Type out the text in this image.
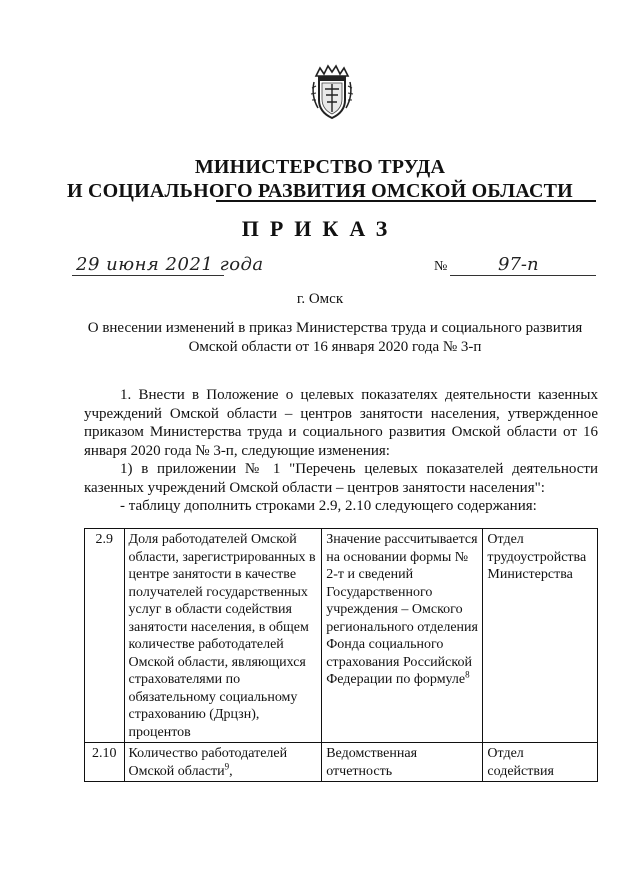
МИНИСТЕРСТВО ТРУДА
И СОЦИАЛЬНОГО РАЗВИТИЯ ОМСКОЙ ОБЛАСТИ
ПРИКАЗ
29 июня 2021 года	№	97-п
г. Омск
О внесении изменений в приказ Министерства труда и социального развития Омской области от 16 января 2020 года № 3-п

1. Внести в Положение о целевых показателях деятельности казенных учреждений Омской области – центров занятости населения, утвержденное приказом Министерства труда и социального развития Омской области от 16 января 2020 года № 3-п, следующие изменения:

1) в приложении № 1 "Перечень целевых показателей деятельности казенных учреждений Омской области – центров занятости населения":

- таблицу дополнить строками 2.9, 2.10 следующего содержания:

2.9	Доля работодателей Омской области, зарегистрированных в центре занятости в качестве получателей государственных услуг в области содействия занятости населения, в общем количестве работодателей Омской области, являющихся страхователями по обязательному социальному страхованию (Дрцзн), процентов	Значение рассчитывается на основании формы № 2-т и сведений Государственного учреждения – Омского регионального отделения Фонда социального страхования Российской Федерации по формуле$^8$	Отдел трудоустройства Министерства
2.10	Количество работодателей Омской области$^9$,	Ведомственная отчетность	Отдел содействия
